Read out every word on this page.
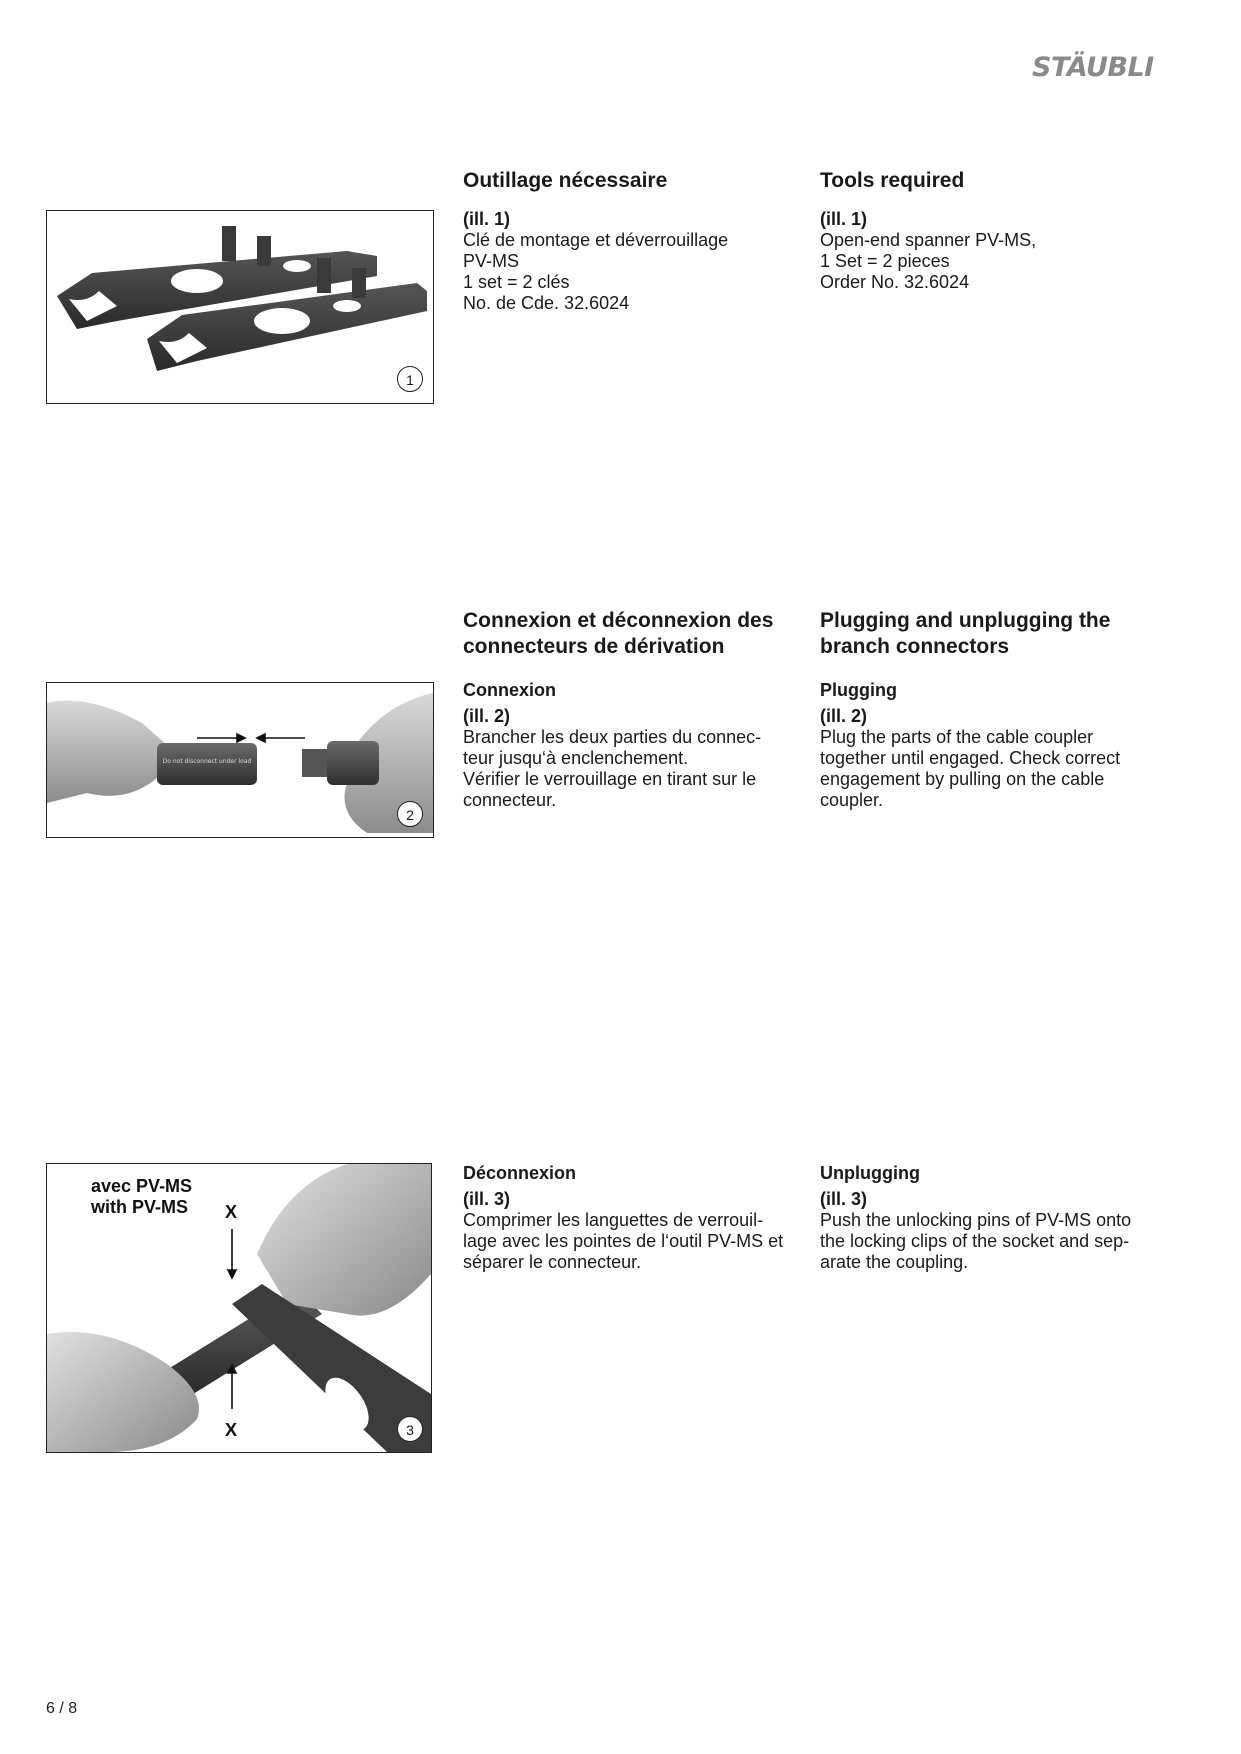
STÄUBLI
1
Outillage nécessaire

(ill. 1)

Clé de montage et déverrouillage
PV-MS
1 set = 2 clés
No. de Cde. 32.6024

Tools required

(ill. 1)

Open-end spanner PV-MS,
1 Set = 2 pieces
Order No. 32.6024

Do not disconnect under load
2
Connexion et déconnexion des connecteurs de dérivation

Connexion

(ill. 2)

Brancher les deux parties du connec-
teur jusqu‘à enclenchement.
Vérifier le verrouillage en tirant sur le
connecteur.

Plugging and unplugging the branch connectors

Plugging

(ill. 2)

Plug the parts of the cable coupler
together until engaged. Check correct
engagement by pulling on the cable
coupler.

avec PV-MS
with PV-MS X
X	3

Déconnexion

(ill. 3)

Comprimer les languettes de verrouil-
lage avec les pointes de l‘outil PV-MS et
séparer le connecteur.

Unplugging

(ill. 3)

Push the unlocking pins of PV-MS onto
the locking clips of the socket and sep-
arate the coupling.

6 / 8
